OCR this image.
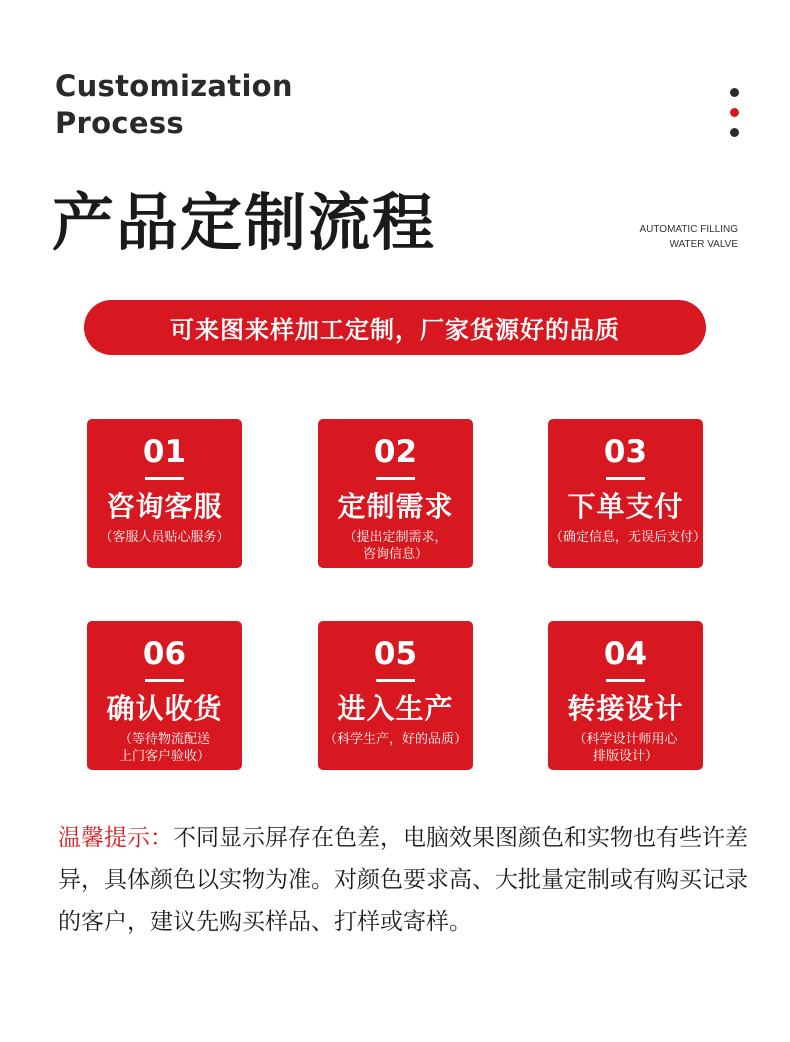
Customization
Process
产品定制流程	AUTOMATIC FILLING
WATER VALVE
可来图来样加工定制，厂家货源好的品质
01
咨询客服
（客服人员贴心服务）
02
定制需求
（提出定制需求，
咨询信息）
03
下单支付
（确定信息，无误后支付）
06
确认收货
（等待物流配送
上门客户验收）
05
进入生产
（科学生产，好的品质）
04
转接设计
（科学设计师用心
排版设计）
温馨提示：不同显示屏存在色差，电脑效果图颜色和实物也有些许差异，具体颜色以实物为准。对颜色要求高、大批量定制或有购买记录的客户，建议先购买样品、打样或寄样。
